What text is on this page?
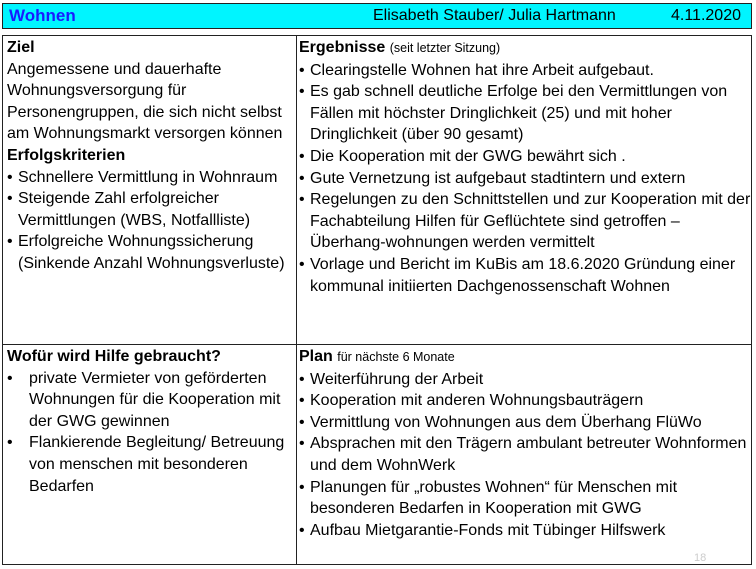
Wohnen	Elisabeth Stauber/ Julia Hartmann	4.11.2020
Ziel
Angemessene und dauerhafte Wohnungsversorgung für Personengruppen, die sich nicht selbst am Wohnungsmarkt versorgen können
Erfolgskriterien
• Schnellere Vermittlung in Wohnraum
• Steigende Zahl erfolgreicher Vermittlungen (WBS, Notfallliste)
• Erfolgreiche Wohnungssicherung (Sinkende Anzahl Wohnungsverluste)
Ergebnisse (seit letzter Sitzung)
• Clearingstelle Wohnen hat ihre Arbeit aufgebaut.
• Es gab schnell deutliche Erfolge bei den Vermittlungen von Fällen mit höchster Dringlichkeit (25) und mit hoher Dringlichkeit (über 90 gesamt)
• Die Kooperation mit der GWG bewährt sich .
• Gute Vernetzung ist aufgebaut stadtintern und extern
• Regelungen zu den Schnittstellen und zur Kooperation mit der Fachabteilung Hilfen für Geflüchtete sind getroffen – Überhang-wohnungen werden vermittelt
• Vorlage und Bericht im KuBis am 18.6.2020 Gründung einer kommunal initiierten Dachgenossenschaft Wohnen
Wofür wird Hilfe gebraucht?
• private Vermieter von geförderten Wohnungen für die Kooperation mit der GWG gewinnen
• Flankierende Begleitung/ Betreuung von menschen mit besonderen Bedarfen
Plan für nächste 6 Monate
• Weiterführung der Arbeit
• Kooperation mit anderen Wohnungsbauträgern
• Vermittlung von Wohnungen aus dem Überhang FlüWo
• Absprachen mit den Trägern ambulant betreuter Wohnformen und dem WohnWerk
• Planungen für „robustes Wohnen“ für Menschen mit besonderen Bedarfen in Kooperation mit GWG
• Aufbau Mietgarantie-Fonds mit Tübinger Hilfswerk
18
